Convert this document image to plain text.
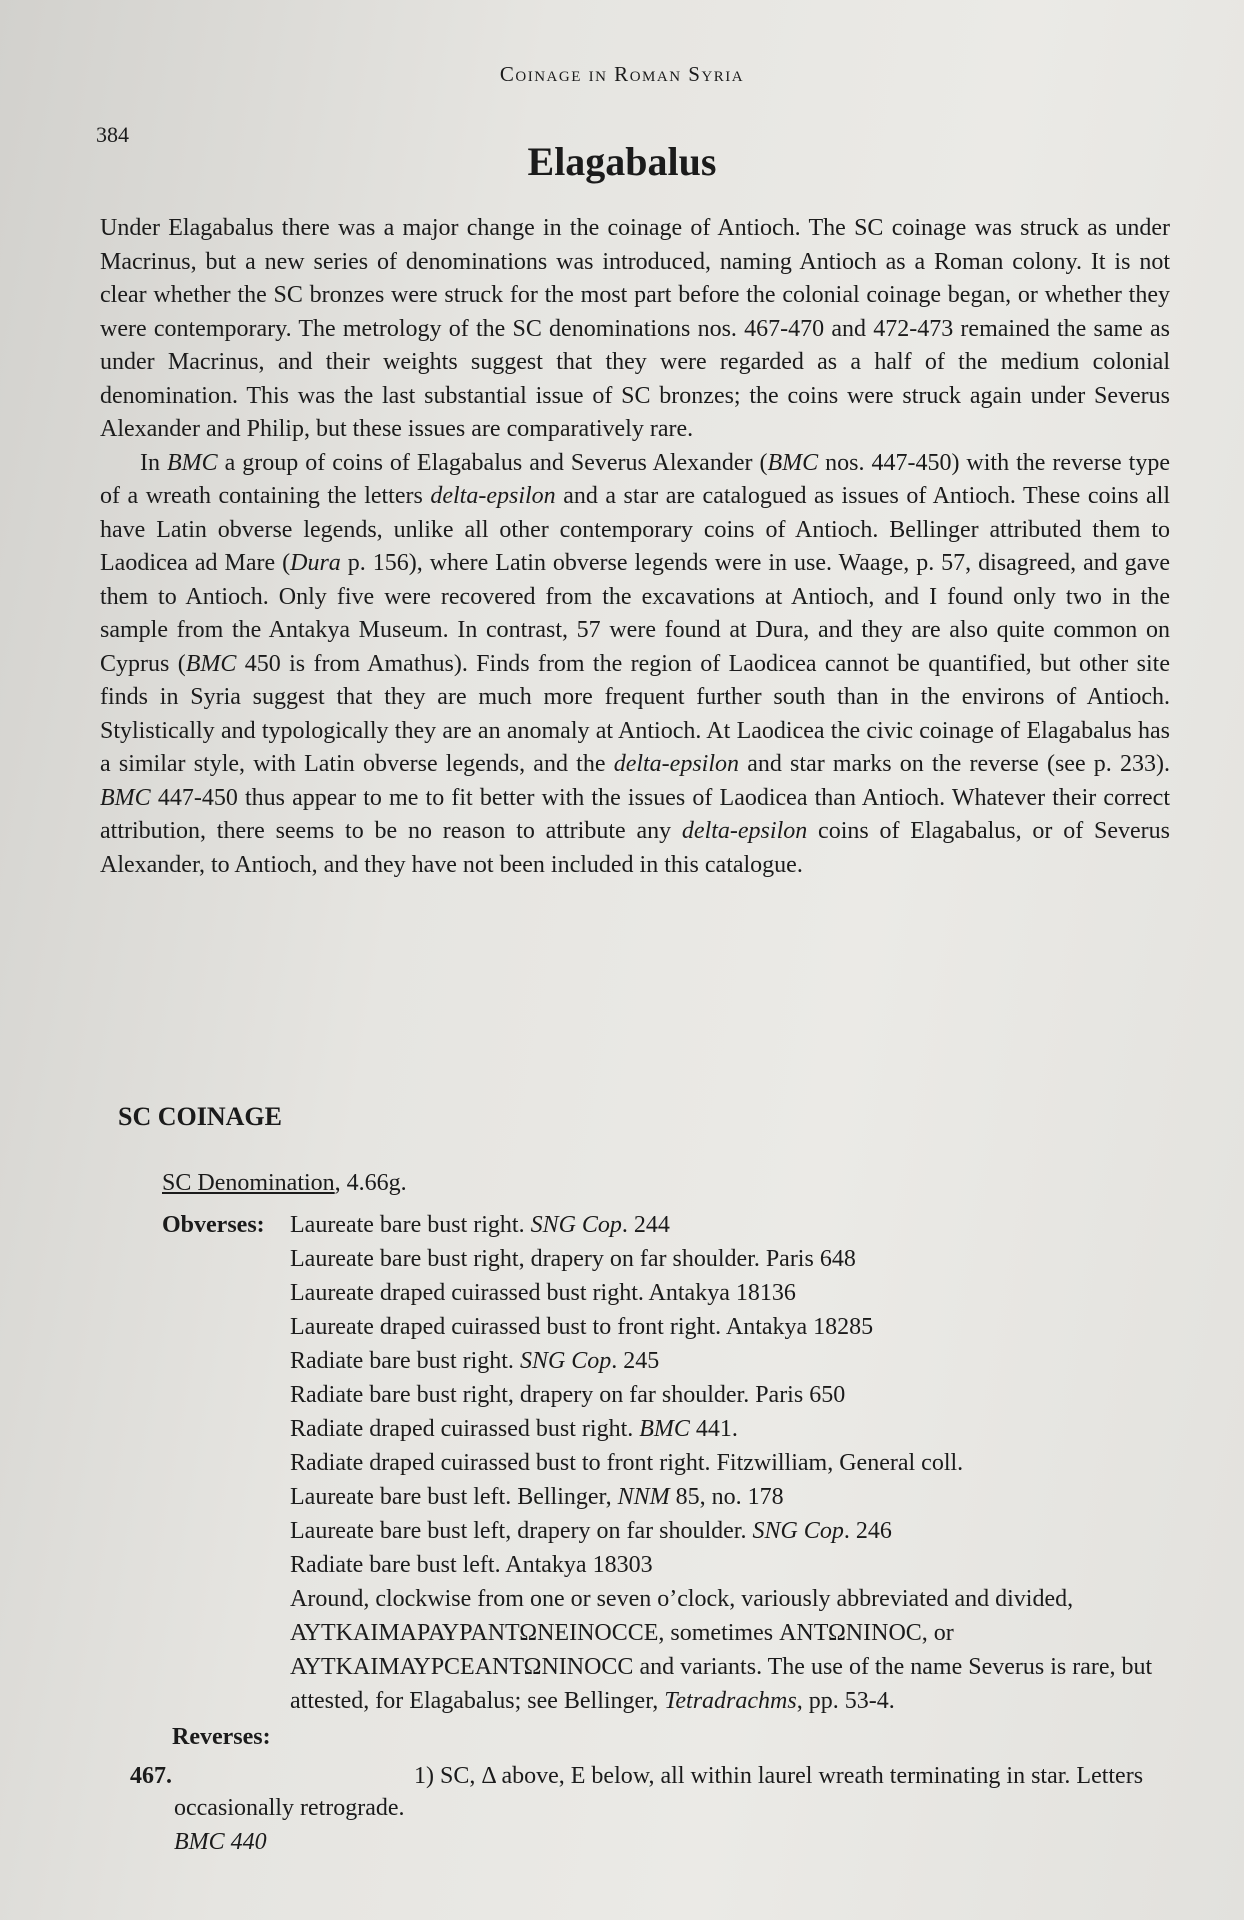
Coinage in Roman Syria
384
Elagabalus

Under Elagabalus there was a major change in the coinage of Antioch. The SC coinage was struck as under Macrinus, but a new series of denominations was introduced, naming Antioch as a Roman colony. It is not clear whether the SC bronzes were struck for the most part before the colonial coinage began, or whether they were contemporary. The metrology of the SC denominations nos. 467-470 and 472-473 remained the same as under Macrinus, and their weights suggest that they were regarded as a half of the medium colonial denomination. This was the last substantial issue of SC bronzes; the coins were struck again under Severus Alexander and Philip, but these issues are comparatively rare.

In BMC a group of coins of Elagabalus and Severus Alexander (BMC nos. 447-450) with the reverse type of a wreath containing the letters delta-epsilon and a star are catalogued as issues of Antioch. These coins all have Latin obverse legends, unlike all other contemporary coins of Antioch. Bellinger attributed them to Laodicea ad Mare (Dura p. 156), where Latin obverse legends were in use. Waage, p. 57, disagreed, and gave them to Antioch. Only five were recovered from the excavations at Antioch, and I found only two in the sample from the Antakya Museum. In contrast, 57 were found at Dura, and they are also quite common on Cyprus (BMC 450 is from Amathus). Finds from the region of Laodicea cannot be quantified, but other site finds in Syria suggest that they are much more frequent further south than in the environs of Antioch. Stylistically and typologically they are an anomaly at Antioch. At Laodicea the civic coinage of Elagabalus has a similar style, with Latin obverse legends, and the delta-epsilon and star marks on the reverse (see p. 233). BMC 447-450 thus appear to me to fit better with the issues of Laodicea than Antioch. Whatever their correct attribution, there seems to be no reason to attribute any delta-epsilon coins of Elagabalus, or of Severus Alexander, to Antioch, and they have not been included in this catalogue.

SC COINAGE
SC Denomination, 4.66g.
Obverses: Laureate bare bust right. SNG Cop. 244
Laureate bare bust right, drapery on far shoulder. Paris 648
Laureate draped cuirassed bust right. Antakya 18136
Laureate draped cuirassed bust to front right. Antakya 18285
Radiate bare bust right. SNG Cop. 245
Radiate bare bust right, drapery on far shoulder. Paris 650
Radiate draped cuirassed bust right. BMC 441.
Radiate draped cuirassed bust to front right. Fitzwilliam, General coll.
Laureate bare bust left. Bellinger, NNM 85, no. 178
Laureate bare bust left, drapery on far shoulder. SNG Cop. 246
Radiate bare bust left. Antakya 18303
Around, clockwise from one or seven o’clock, variously abbreviated and divided, ΑΥΤΚΑΙΜΑΡΑΥΡΑΝΤΩΝΕΙΝΟCCΕ, sometimes ΑΝΤΩΝΙΝΟC, or ΑΥΤΚΑΙΜΑΥΡCΕΑΝΤΩΝΙΝΟCC and variants. The use of the name Severus is rare, but attested, for Elagabalus; see Bellinger, Tetradrachms, pp. 53-4.
Reverses:
467.	1) SC, Δ above, E below, all within laurel wreath terminating in star. Letters occasionally retrograde.
BMC 440
